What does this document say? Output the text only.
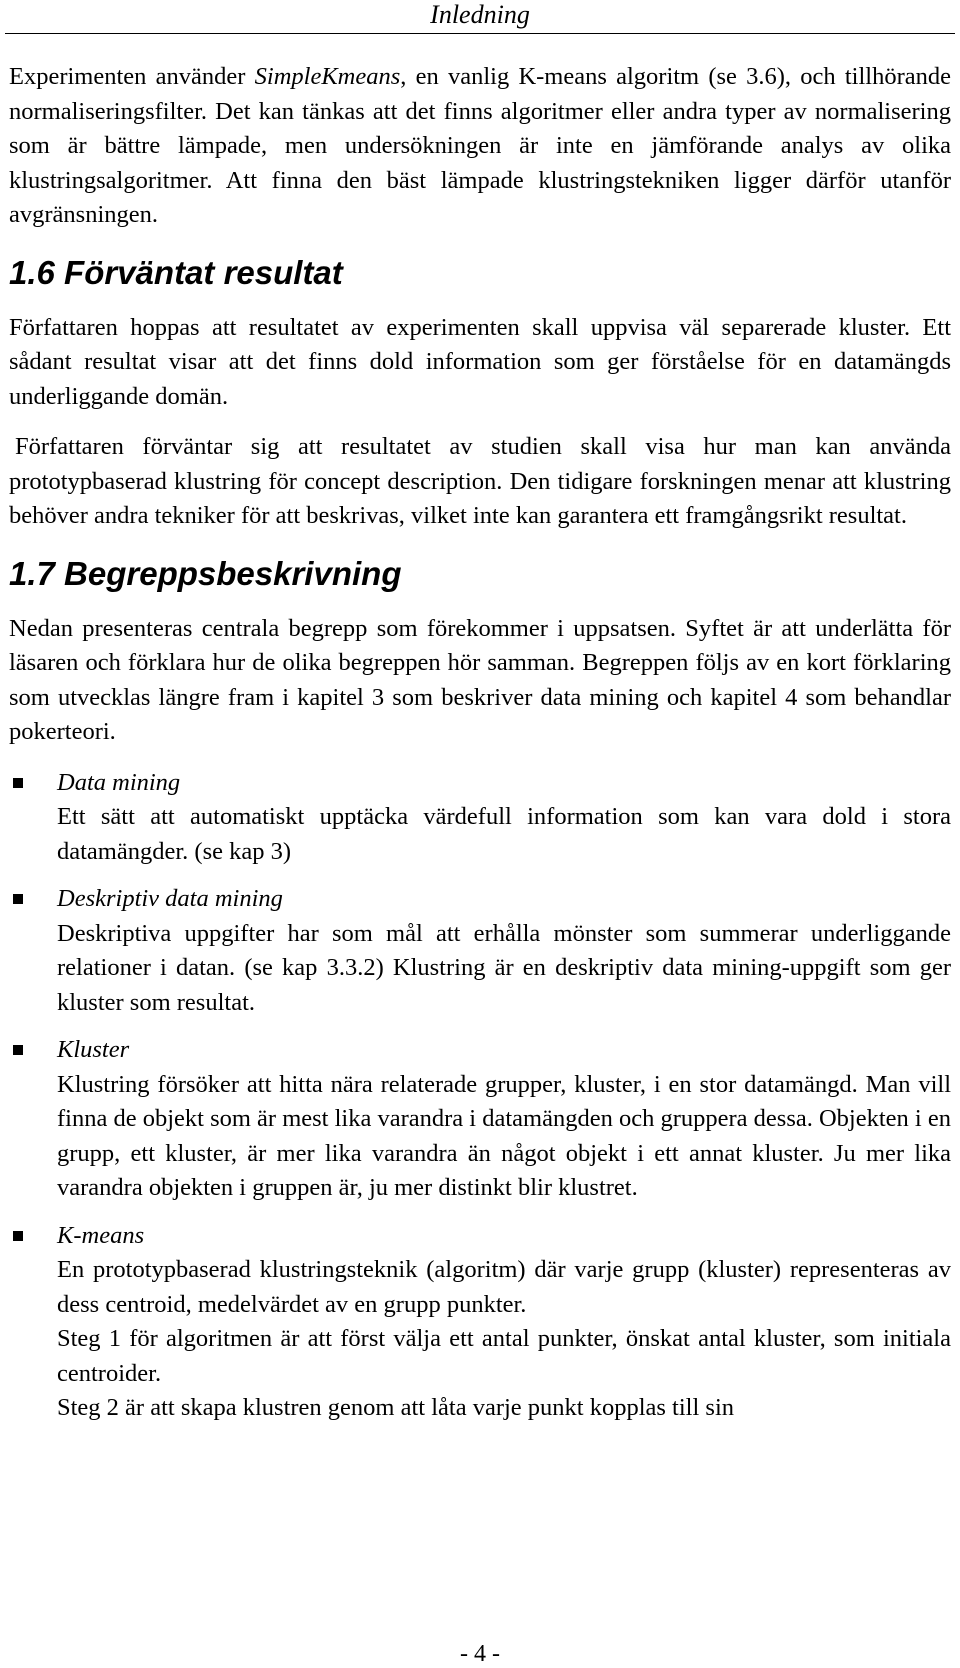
Inledning

Experimenten använder SimpleKmeans, en vanlig K-means algoritm (se 3.6), och tillhörande normaliseringsfilter. Det kan tänkas att det finns algoritmer eller andra typer av normalisering som är bättre lämpade, men undersökningen är inte en jämförande analys av olika klustringsalgoritmer. Att finna den bäst lämpade klustringstekniken ligger därför utanför avgränsningen.

1.6 Förväntat resultat

Författaren hoppas att resultatet av experimenten skall uppvisa väl separerade kluster. Ett sådant resultat visar att det finns dold information som ger förståelse för en datamängds underliggande domän.

Författaren förväntar sig att resultatet av studien skall visa hur man kan använda prototypbaserad klustring för concept description. Den tidigare forskningen menar att klustring behöver andra tekniker för att beskrivas, vilket inte kan garantera ett framgångsrikt resultat.

1.7 Begreppsbeskrivning

Nedan presenteras centrala begrepp som förekommer i uppsatsen. Syftet är att underlätta för läsaren och förklara hur de olika begreppen hör samman. Begreppen följs av en kort förklaring som utvecklas längre fram i kapitel 3 som beskriver data mining och kapitel 4 som behandlar pokerteori.

Data mining

Ett sätt att automatiskt upptäcka värdefull information som kan vara dold i stora datamängder. (se kap 3)

Deskriptiv data mining

Deskriptiva uppgifter har som mål att erhålla mönster som summerar underliggande relationer i datan. (se kap 3.3.2) Klustring är en deskriptiv data mining-uppgift som ger kluster som resultat.

Kluster

Klustring försöker att hitta nära relaterade grupper, kluster, i en stor datamängd. Man vill finna de objekt som är mest lika varandra i datamängden och gruppera dessa. Objekten i en grupp, ett kluster, är mer lika varandra än något objekt i ett annat kluster. Ju mer lika varandra objekten i gruppen är, ju mer distinkt blir klustret.

K-means

En prototypbaserad klustringsteknik (algoritm) där varje grupp (kluster) representeras av dess centroid, medelvärdet av en grupp punkter.

Steg 1 för algoritmen är att först välja ett antal punkter, önskat antal kluster, som initiala centroider.

Steg 2 är att skapa klustren genom att låta varje punkt kopplas till sin

- 4 -
